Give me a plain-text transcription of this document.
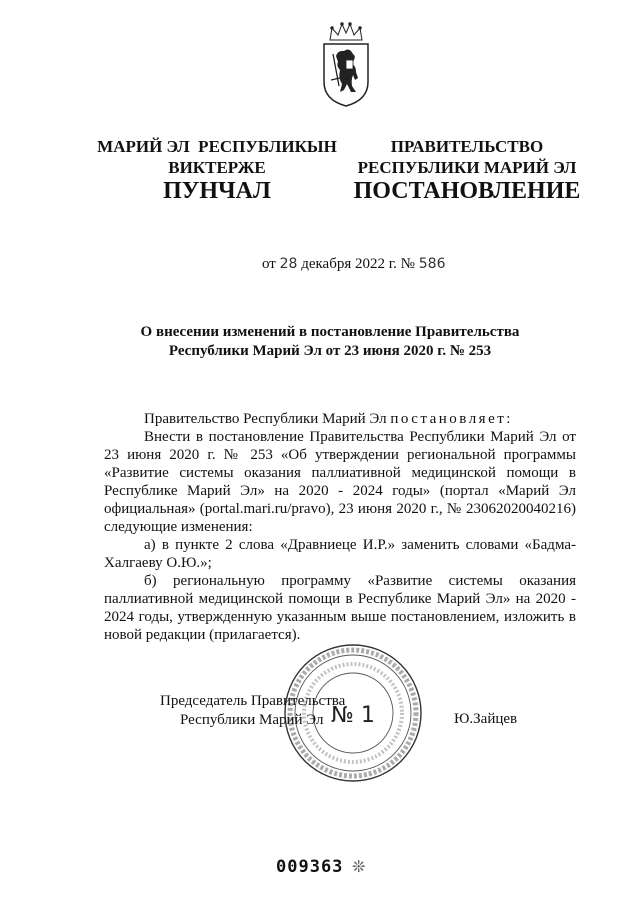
МАРИЙ ЭЛ  РЕСПУБЛИКЫН
ВИКТЕРЖЕ
ПРАВИТЕЛЬСТВО
РЕСПУБЛИКИ МАРИЙ ЭЛ
ПУНЧАЛ	ПОСТАНОВЛЕНИЕ
от 28 декабря 2022 г. № 586
О внесении изменений в постановление Правительства
Республики Марий Эл от 23 июня 2020 г. № 253

Правительство Республики Марий Эл постановляет:

Внести в постановление Правительства Республики Марий Эл от 23 июня 2020 г. № 253 «Об утверждении региональной программы «Развитие системы оказания паллиативной медицинской помощи в Республике Марий Эл» на 2020 - 2024 годы» (портал «Марий Эл официальная» (portal.mari.ru/pravo), 23 июня 2020 г., № 23062020040216) следующие изменения:

а) в пункте 2 слова «Дравниеце И.Р.» заменить словами «Бадма-Халгаеву О.Ю.»;

б) региональную программу «Развитие системы оказания паллиативной медицинской помощи в Республике Марий Эл» на 2020 - 2024 годы, утвержденную указанным выше постановлением, изложить в новой редакции (прилагается).

№ 1
Председатель Правительства
Республики Марий Эл	Ю.Зайцев
009363 ❊
